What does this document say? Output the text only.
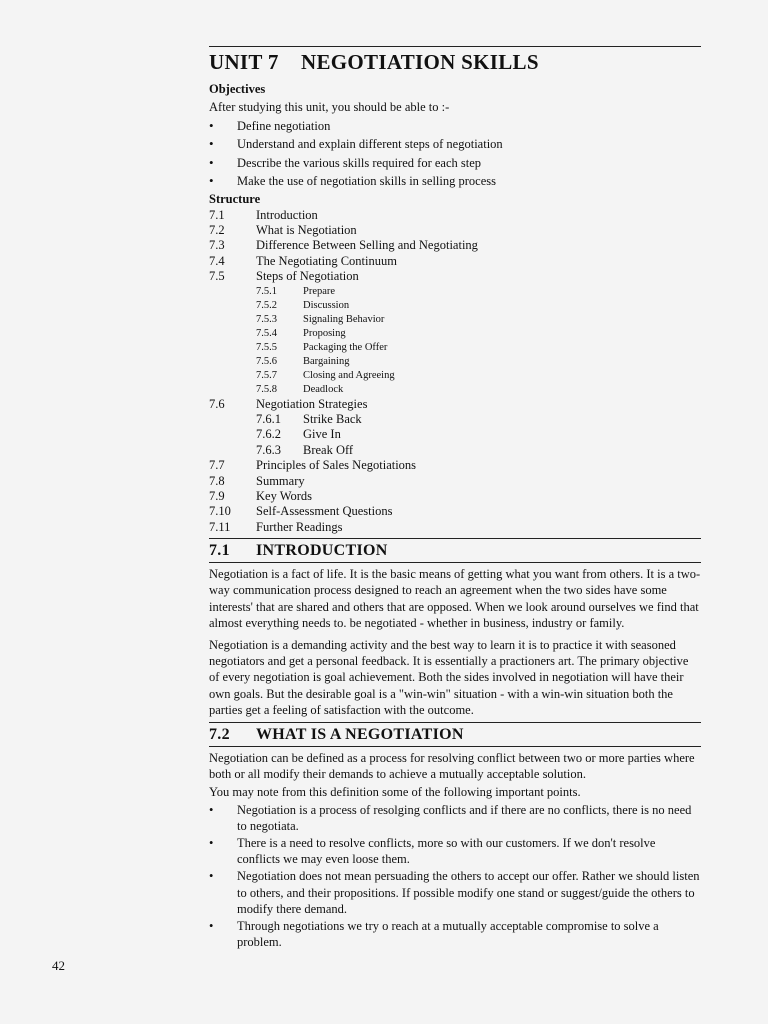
UNIT 7 NEGOTIATION SKILLS
Objectives
After studying this unit, you should be able to :-
• Define negotiation
• Understand and explain different steps of negotiation
• Describe the various skills required for each step
• Make the use of negotiation skills in selling process
Structure
7.1	Introduction
7.2	What is Negotiation
7.3	Difference Between Selling and Negotiating
7.4	The Negotiating Continuum
7.5	Steps of Negotiation
7.5.1	Prepare
7.5.2	Discussion
7.5.3	Signaling Behavior
7.5.4	Proposing
7.5.5	Packaging the Offer
7.5.6	Bargaining
7.5.7	Closing and Agreeing
7.5.8	Deadlock
7.6	Negotiation Strategies
7.6.1	Strike Back
7.6.2	Give In
7.6.3	Break Off
7.7	Principles of Sales Negotiations
7.8	Summary
7.9	Key Words
7.10	Self-Assessment Questions
7.11	Further Readings
7.1 INTRODUCTION

Negotiation is a fact of life. It is the basic means of getting what you want from others. It is a two-way communication process designed to reach an agreement when the two sides have some interests' that are shared and others that are opposed. When we look around ourselves we find that almost everything needs to. be negotiated - whether in business, industry or family.

Negotiation is a demanding activity and the best way to learn it is to practice it with seasoned negotiators and get a personal feedback. It is essentially a practioners art. The primary objective of every negotiation is goal achievement. Both the sides involved in negotiation will have their own goals. But the desirable goal is a "win-win" situation - with a win-win situation both the parties get a feeling of satisfaction with the outcome.

7.2 WHAT IS A NEGOTIATION

Negotiation can be defined as a process for resolving conflict between two or more parties where both or all modify their demands to achieve a mutually acceptable solution.

You may note from this definition some of the following important points.

• Negotiation is a process of resolging conflicts and if there are no conflicts, there is no need to negotiata.
• There is a need to resolve conflicts, more so with our customers. If we don't resolve conflicts we may even loose them.
• Negotiation does not mean persuading the others to accept our offer. Rather we should listen to others, and their propositions. If possible modify one stand or suggest/guide the others to modify there demand.
• Through negotiations we try o reach at a mutually acceptable compromise to solve a problem.
42
